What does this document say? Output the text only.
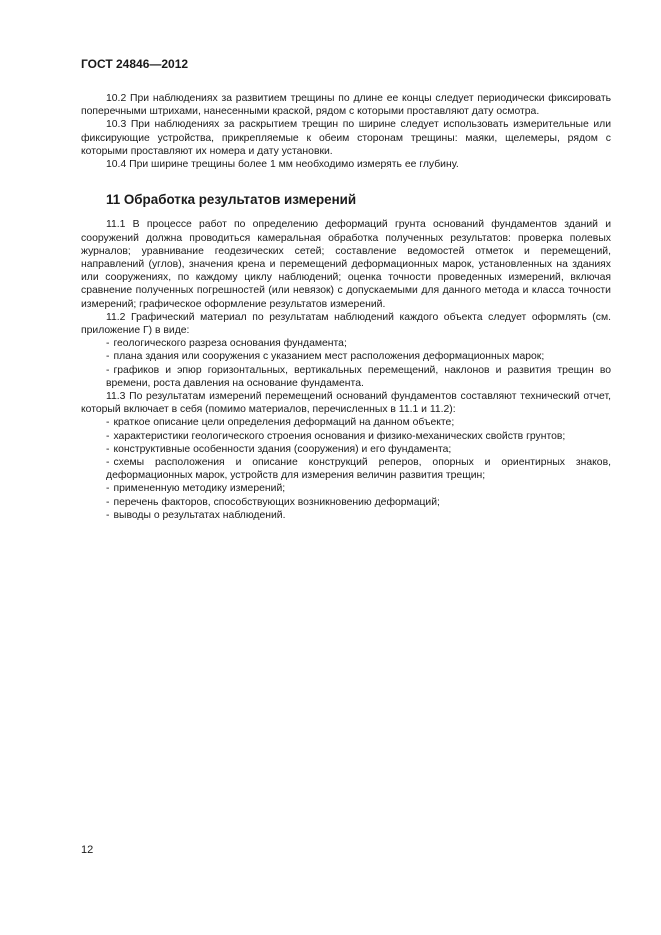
ГОСТ 24846—2012

10.2 При наблюдениях за развитием трещины по длине ее концы следует периодически фиксировать поперечными штрихами, нанесенными краской, рядом с которыми проставляют дату осмотра.

10.3 При наблюдениях за раскрытием трещин по ширине следует использовать измерительные или фиксирующие устройства, прикрепляемые к обеим сторонам трещины: маяки, щелемеры, рядом с которыми проставляют их номера и дату установки.

10.4 При ширине трещины более 1 мм необходимо измерять ее глубину.

11 Обработка результатов измерений

11.1 В процессе работ по определению деформаций грунта оснований фундаментов зданий и сооружений должна проводиться камеральная обработка полученных результатов: проверка полевых журналов; уравнивание геодезических сетей; составление ведомостей отметок и перемещений, направлений (углов), значения крена и перемещений деформационных марок, установленных на зданиях или сооружениях, по каждому циклу наблюдений; оценка точности проведенных измерений, включая сравнение полученных погрешностей (или невязок) с допускаемыми для данного метода и класса точности измерений; графическое оформление результатов измерений.

11.2 Графический материал по результатам наблюдений каждого объекта следует оформлять (см. приложение Г) в виде:

- геологического разреза основания фундамента;
- плана здания или сооружения с указанием мест расположения деформационных марок;
- графиков и эпюр горизонтальных, вертикальных перемещений, наклонов и развития трещин во времени, роста давления на основание фундамента.

11.3 По результатам измерений перемещений оснований фундаментов составляют технический отчет, который включает в себя (помимо материалов, перечисленных в 11.1 и 11.2):

- краткое описание цели определения деформаций на данном объекте;
- характеристики геологического строения основания и физико-механических свойств грунтов;
- конструктивные особенности здания (сооружения) и его фундамента;
- схемы расположения и описание конструкций реперов, опорных и ориентирных знаков, деформационных марок, устройств для измерения величин развития трещин;
- примененную методику измерений;
- перечень факторов, способствующих возникновению деформаций;
- выводы о результатах наблюдений.
12
